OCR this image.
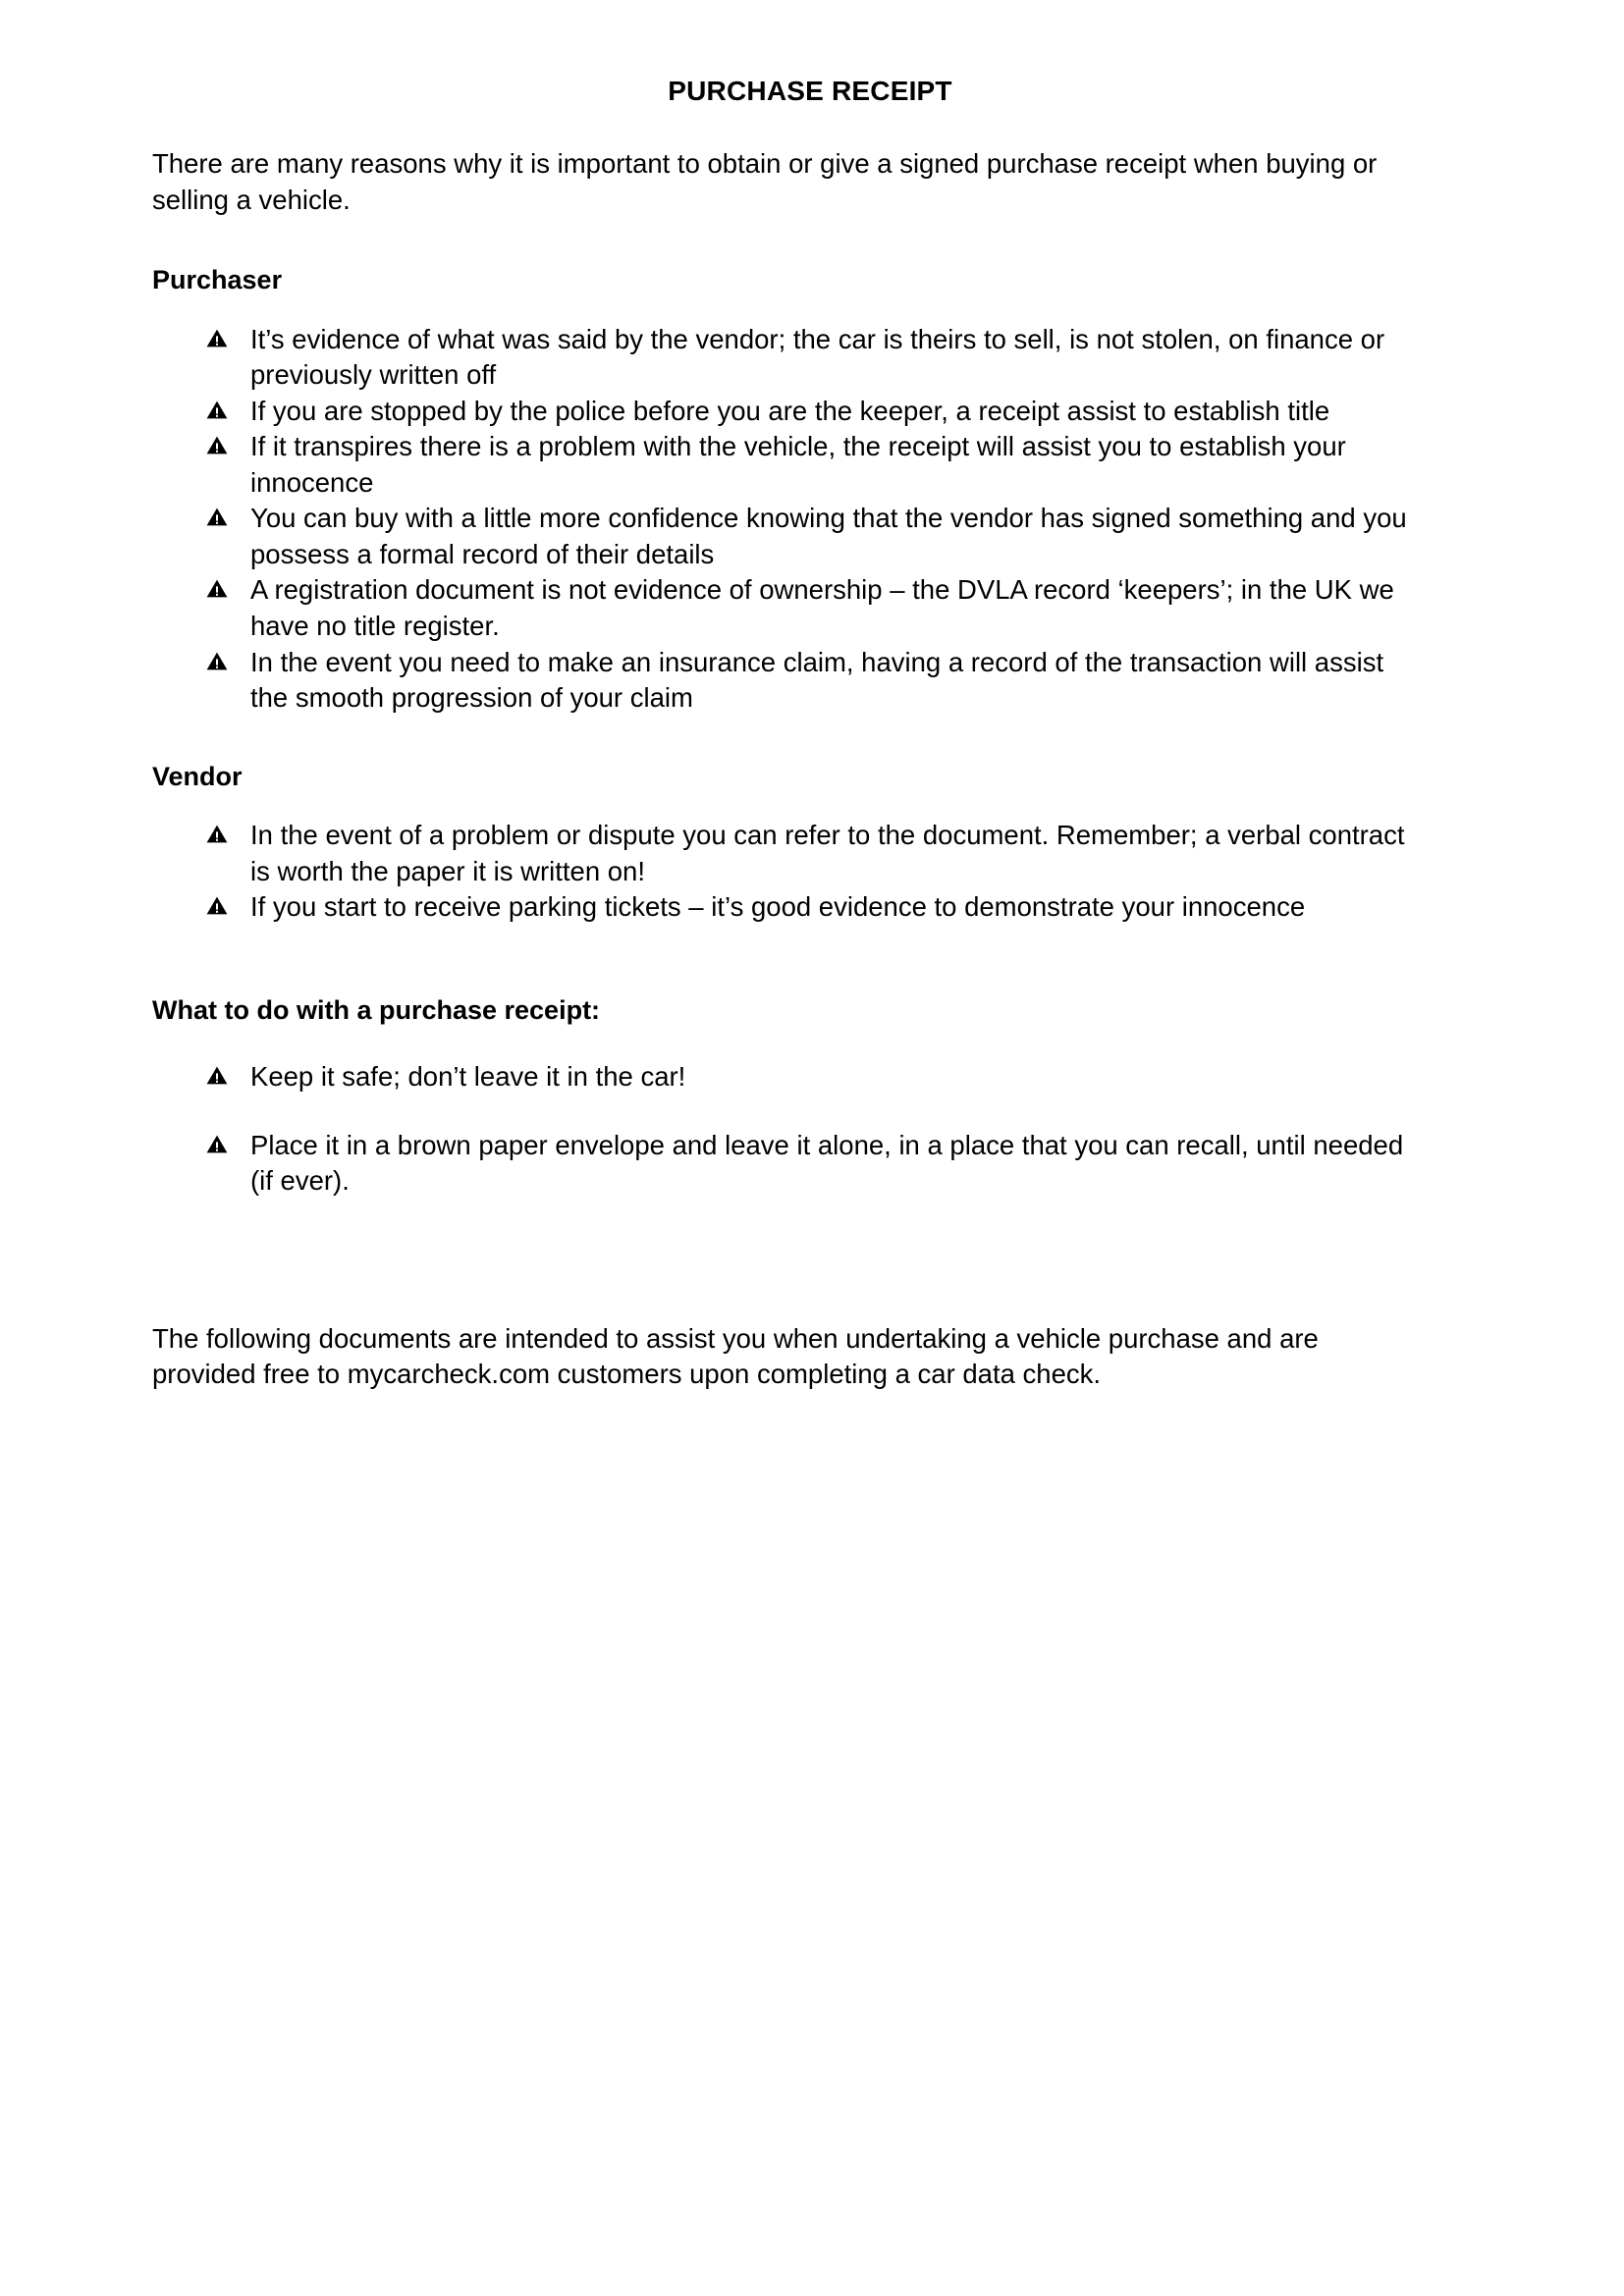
PURCHASE RECEIPT

There are many reasons why it is important to obtain or give a signed purchase receipt when buying or selling a vehicle.

Purchaser
It’s evidence of what was said by the vendor; the car is theirs to sell, is not stolen, on finance or previously written off
If you are stopped by the police before you are the keeper, a receipt assist to establish title
If it transpires there is a problem with the vehicle, the receipt will assist you to establish your innocence
You can buy with a little more confidence knowing that the vendor has signed something and you possess a formal record of their details
A registration document is not evidence of ownership – the DVLA record ‘keepers’; in the UK we have no title register.
In the event you need to make an insurance claim, having a record of the transaction will assist the smooth progression of your claim
Vendor
In the event of a problem or dispute you can refer to the document. Remember; a verbal contract is worth the paper it is written on!
If you start to receive parking tickets – it’s good evidence to demonstrate your innocence
What to do with a purchase receipt:
Keep it safe; don’t leave it in the car!
Place it in a brown paper envelope and leave it alone, in a place that you can recall, until needed (if ever).

The following documents are intended to assist you when undertaking a vehicle purchase and are provided free to mycarcheck.com customers upon completing a car data check.
